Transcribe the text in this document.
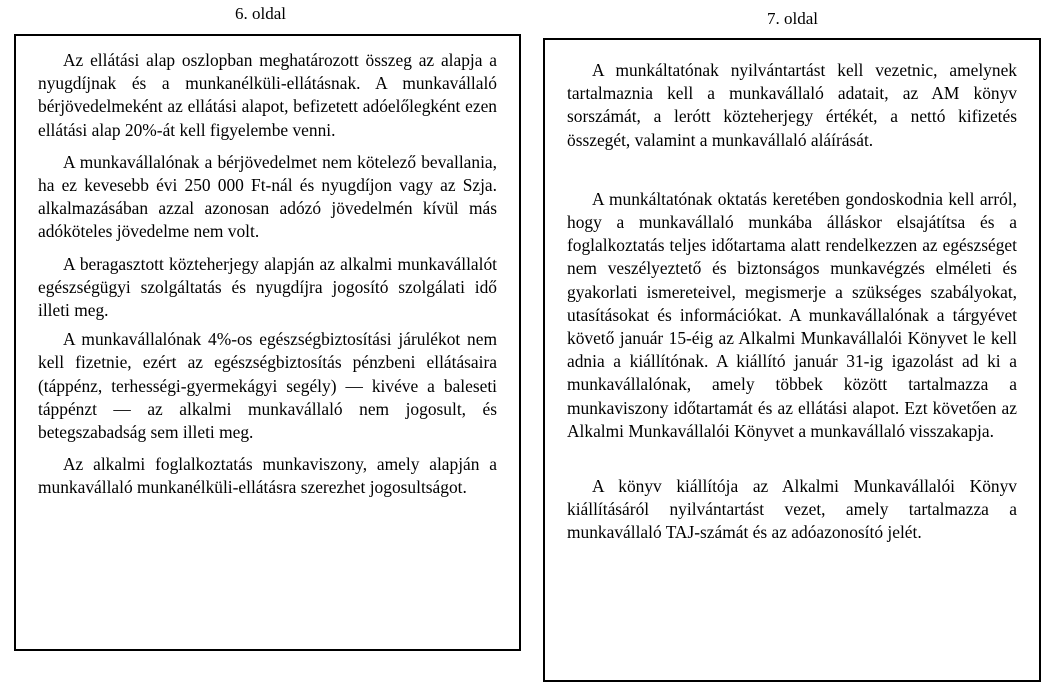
6. oldal	7. oldal

Az ellátási alap oszlopban meghatározott összeg az alapja a nyugdíjnak és a munkanélküli-ellátásnak. A munkavállaló bérjövedelmeként az ellátási alapot, befizetett adóelőlegként ezen ellátási alap 20%-át kell figyelembe venni.

A munkavállalónak a bérjövedelmet nem kötelező bevallania, ha ez kevesebb évi 250 000 Ft-nál és nyugdíjon vagy az Szja. alkalmazásában azzal azonosan adózó jövedelmén kívül más adóköteles jövedelme nem volt.

A beragasztott közteherjegy alapján az alkalmi munkavállalót egészségügyi szolgáltatás és nyugdíjra jogosító szolgálati idő illeti meg.

A munkavállalónak 4%-os egészségbiztosítási járulékot nem kell fizetnie, ezért az egészségbiztosítás pénzbeni ellátásaira (táppénz, terhességi-gyermekágyi segély) — kivéve a baleseti táppénzt — az alkalmi munkavállaló nem jogosult, és betegszabadság sem illeti meg.

Az alkalmi foglalkoztatás munkaviszony, amely alapján a munkavállaló munkanélküli-ellátásra szerezhet jogosultságot.

A munkáltatónak nyilvántartást kell vezetnic, amelynek tartalmaznia kell a munkavállaló adatait, az AM könyv sorszámát, a lerótt közteherjegy értékét, a nettó kifizetés összegét, valamint a munkavállaló aláírását.

A munkáltatónak oktatás keretében gondoskodnia kell arról, hogy a munkavállaló munkába álláskor elsajátítsa és a foglalkoztatás teljes időtartama alatt rendelkezzen az egészséget nem veszélyeztető és biztonságos munkavégzés elméleti és gyakorlati ismereteivel, megismerje a szükséges szabályokat, utasításokat és információkat. A munkavállalónak a tárgyévet követő január 15-éig az Alkalmi Munkavállalói Könyvet le kell adnia a kiállítónak. A kiállító január 31-ig igazolást ad ki a munkavállalónak, amely többek között tartalmazza a munkaviszony időtartamát és az ellátási alapot. Ezt követően az Alkalmi Munkavállalói Könyvet a munkavállaló visszakapja.

A könyv kiállítója az Alkalmi Munkavállalói Könyv kiállításáról nyilvántartást vezet, amely tartalmazza a munkavállaló TAJ-számát és az adóazonosító jelét.
